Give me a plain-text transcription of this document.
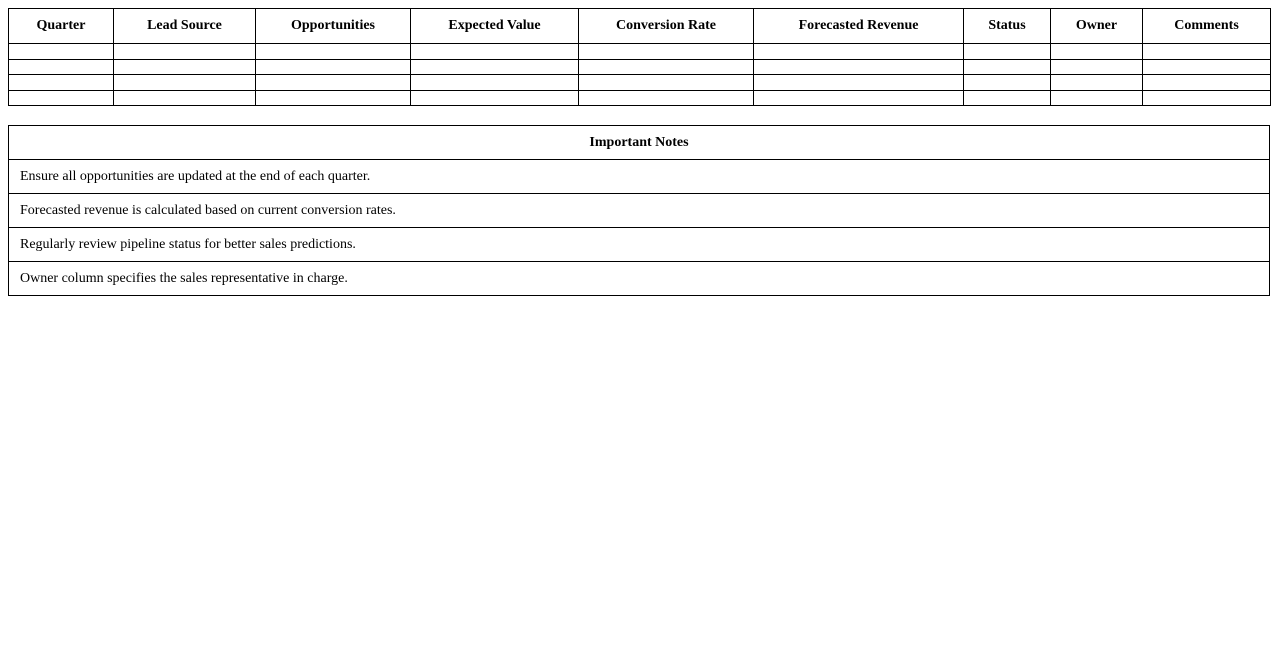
Quarter	Lead Source	Opportunities	Expected Value	Conversion Rate	Forecasted Revenue	Status	Owner	Comments

Important Notes
Ensure all opportunities are updated at the end of each quarter.
Forecasted revenue is calculated based on current conversion rates.
Regularly review pipeline status for better sales predictions.
Owner column specifies the sales representative in charge.
